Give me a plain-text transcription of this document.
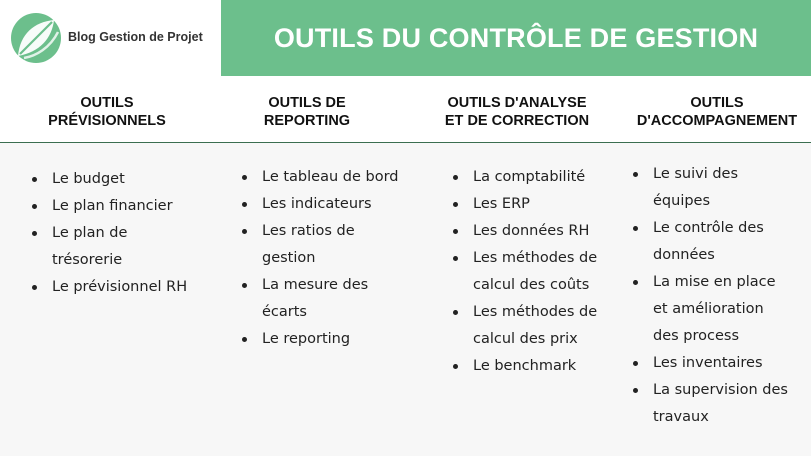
Blog Gestion de Projet	OUTILS DU CONTRÔLE DE GESTION
OUTILS
PRÉVISIONNELS
OUTILS DE
REPORTING
OUTILS D'ANALYSE
ET DE CORRECTION
OUTILS
D'ACCOMPAGNEMENT
Le budget
Le plan financier
Le plan de
trésorerie
Le prévisionnel RH
Le tableau de bord
Les indicateurs
Les ratios de
gestion
La mesure des
écarts
Le reporting
La comptabilité
Les ERP
Les données RH
Les méthodes de
calcul des coûts
Les méthodes de
calcul des prix
Le benchmark
Le suivi des
équipes
Le contrôle des
données
La mise en place
et amélioration
des process
Les inventaires
La supervision des
travaux
